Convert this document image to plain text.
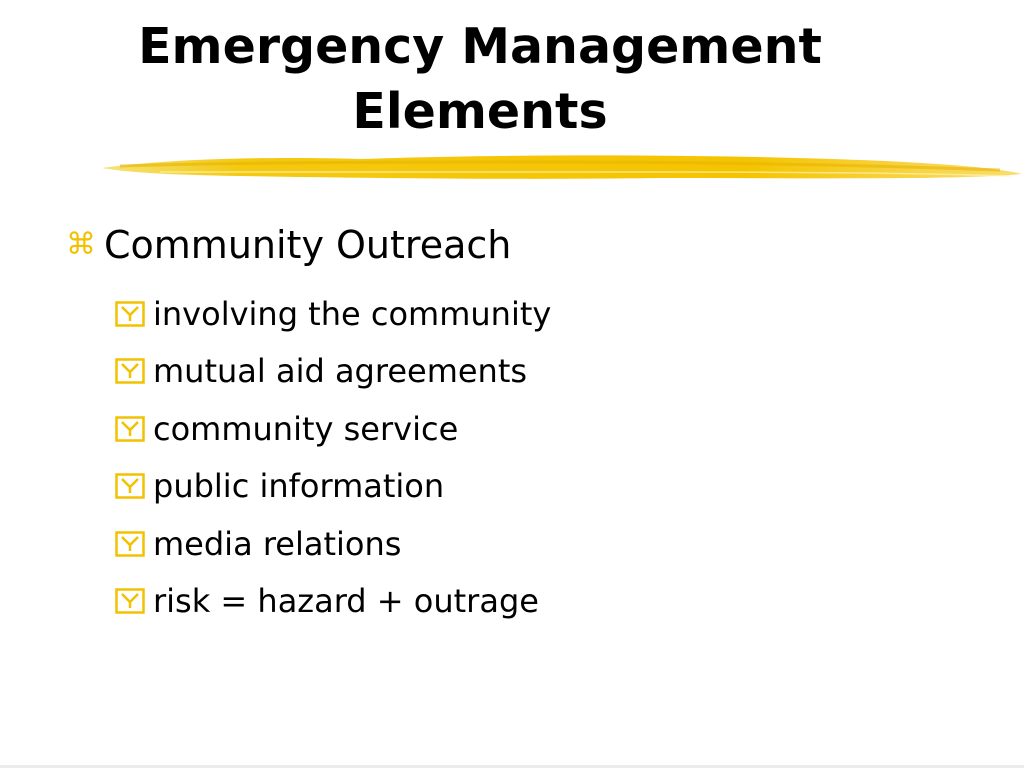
Emergency Management
Elements
⌘ Community Outreach
involving the community
mutual aid agreements
community service
public information
media relations
risk = hazard + outrage
